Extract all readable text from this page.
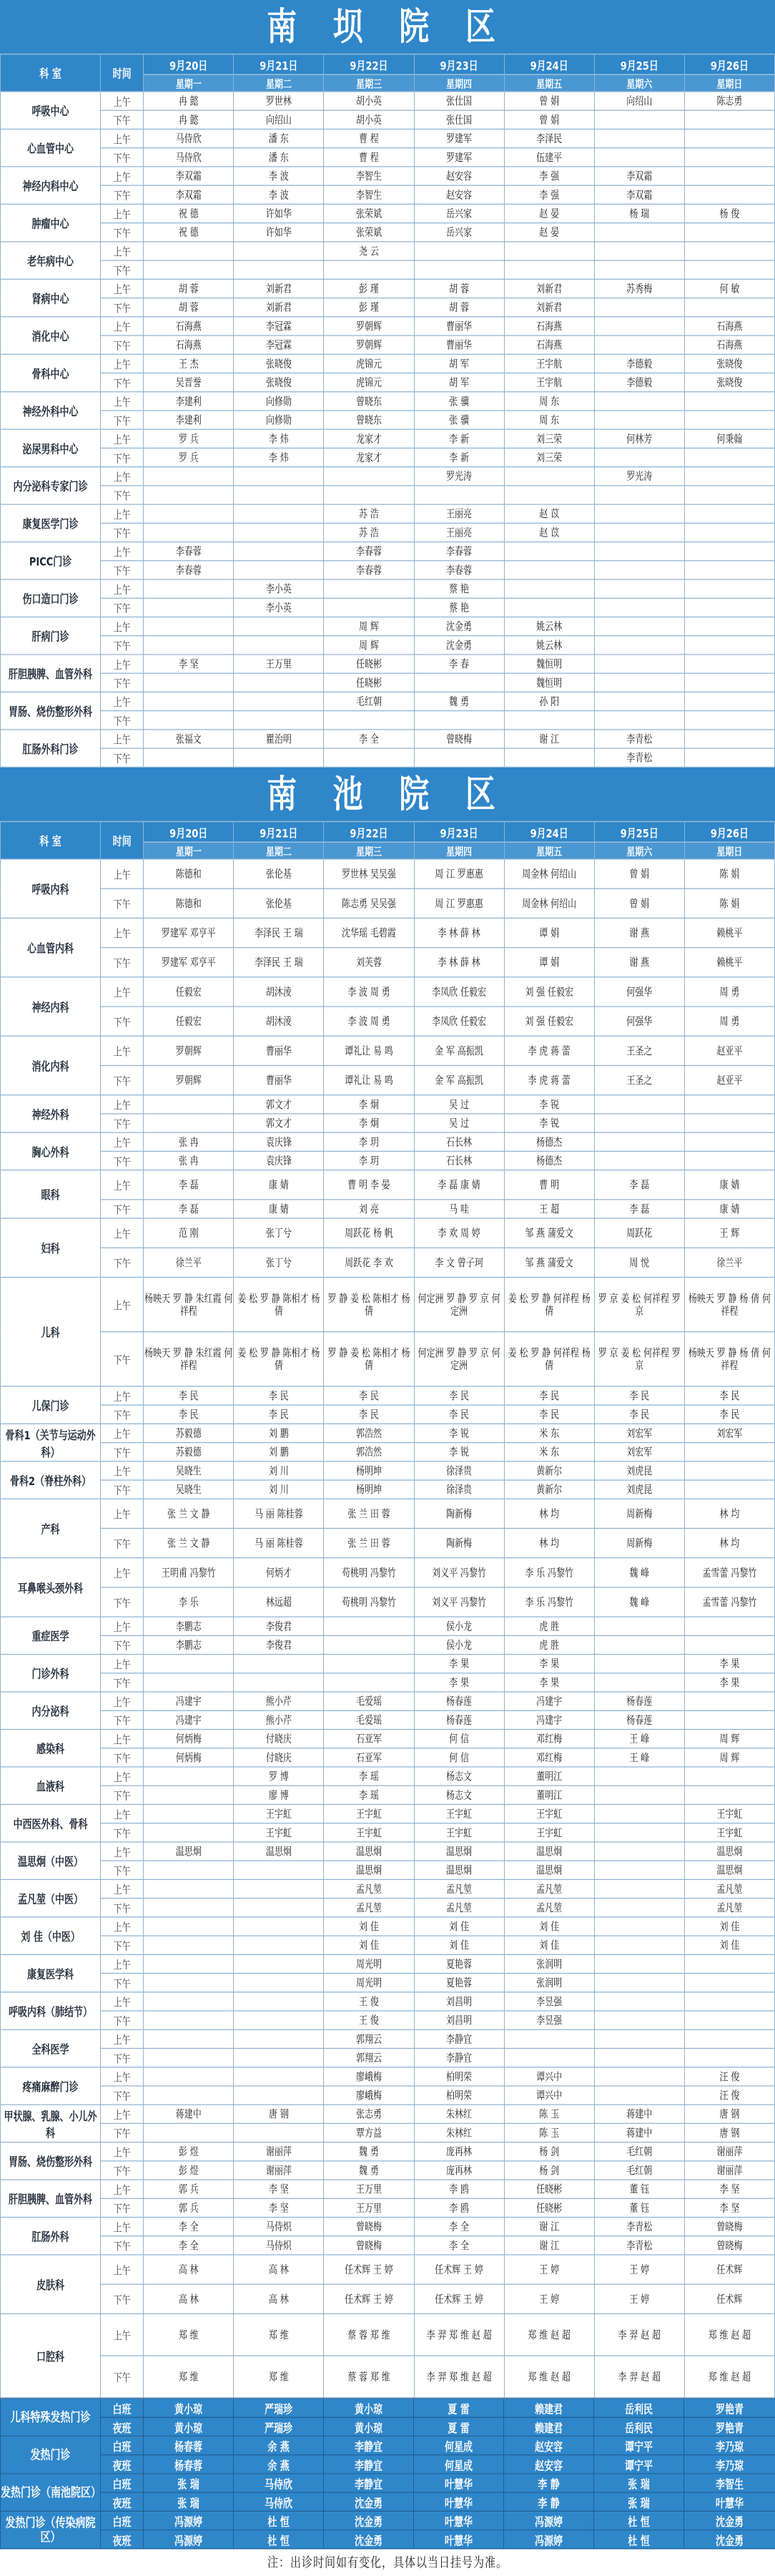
南 坝 院 区
科 室	时间	9月20日	9月21日	9月22日	9月23日	9月24日	9月25日	9月26日
		星期一	星期二	星期三	星期四	星期五	星期六	星期日
呼吸中心	上午	冉 懿	罗世林	胡小英	张仕国	曾 娟	向绍山	陈志勇
	下午	冉 懿	向绍山	胡小英	张仕国	曾 娟		
心血管中心	上午	马侍欣	潘 东	曹 程	罗建军	李泽民		
	下午	马侍欣	潘 东	曹 程	罗建军	伍建平		
神经内科中心	上午	李双霜	李 波	李智生	赵安容	李 强	李双霜	
	下午	李双霜	李 波	李智生	赵安容	李 强	李双霜	
肿瘤中心	上午	祝 德	许如华	张荣斌	岳兴家	赵 晏	杨 瑞	杨 俊
	下午	祝 德	许如华	张荣斌	岳兴家	赵 晏		
老年病中心	上午			尧 云				
	下午							
肾病中心	上午	胡 蓉	刘新君	彭 瑾	胡 蓉	刘新君	苏秀梅	何 敏
	下午	胡 蓉	刘新君	彭 瑾	胡 蓉	刘新君		
消化中心	上午	石海燕	李冠霖	罗朝辉	曹丽华	石海燕		石海燕
	下午	石海燕	李冠霖	罗朝辉	曹丽华	石海燕		石海燕
骨科中心	上午	王 杰	张晓俊	虎锦元	胡 军	王宇航	李德毅	张晓俊
	下午	吴晋誉	张晓俊	虎锦元	胡 军	王宇航	李德毅	张晓俊
神经外科中心	上午	李建利	向修勋	曾晓东	张 骥	周 东		
	下午	李建利	向修勋	曾晓东	张 骥	周 东		
泌尿男科中心	上午	罗 兵	李 炜	龙家才	李 新	刘三荣	何林芳	何秉翰
	下午	罗 兵	李 炜	龙家才	李 新	刘三荣		
内分泌科专家门诊	上午				罗光涛		罗光涛	
	下午							
康复医学门诊	上午			苏 浩	王丽亮	赵 苡		
	下午			苏 浩	王丽亮	赵 苡		
PICC门诊	上午	李春蓉		李春蓉	李春蓉			
	下午	李春蓉		李春蓉	李春蓉			
伤口造口门诊	上午		李小英		蔡 艳			
	下午		李小英		蔡 艳			
肝病门诊	上午			周 辉	沈金勇	姚云林		
	下午			周 辉	沈金勇	姚云林		
肝胆胰脾、血管外科	上午	李 坚	王万里	任晓彬	李 春	魏恒明		
	下午			任晓彬		魏恒明		
胃肠、烧伤整形外科	上午			毛红朝	魏 勇	孙 阳		
	下午							
肛肠外科门诊	上午	张福文	瞿治明	李 全	曾晓梅	谢 江	李青松	
	下午						李青松	
南 池 院 区
科 室	时间	9月20日	9月21日	9月22日	9月23日	9月24日	9月25日	9月26日
		星期一	星期二	星期三	星期四	星期五	星期六	星期日
呼吸内科	上午	陈德和	张伦基	罗世林 吴吴强	周 江 罗惠惠	周金林 何绍山	曾 娟	陈 娟
	下午	陈德和	张伦基	陈志勇 吴吴强	周 江 罗惠惠	周金林 何绍山	曾 娟	陈 娟
心血管内科	上午	罗建军 邓亨平	李泽民 王 瑞	沈华瑶 毛碧霞	李 林 薛 林	谭 娟	谢 燕	赖桃平
	下午	罗建军 邓亨平	李泽民 王 瑞	刘芙蓉	李 林 薛 林	谭 娟	谢 燕	赖桃平
神经内科	上午	任毅宏	胡沐淩	李 波 周 勇	李凤欣 任毅宏	刘 强 任毅宏	何强华	周 勇
	下午	任毅宏	胡沐淩	李 波 周 勇	李凤欣 任毅宏	刘 强 任毅宏	何强华	周 勇
消化内科	上午	罗朝辉	曹丽华	谭礼让 易 鸣	金 军 高振凯	李 虎 蒋 蕾	王圣之	赵亚平
	下午	罗朝辉	曹丽华	谭礼让 易 鸣	金 军 高振凯	李 虎 蒋 蕾	王圣之	赵亚平
神经外科	上午		郭文才	李 炯	吴 过	李 锐		
	下午		郭文才	李 炯	吴 过	李 锐		
胸心外科	上午	张 冉	袁庆锋	李 玥	石长林	杨德杰		
	下午	张 冉	袁庆锋	李 玥	石长林	杨德杰		
眼科	上午	李 磊	康 婧	曹 明 李 晏	李 磊 康 婧	曹 明	李 磊	康 婧
	下午	李 磊	康 婧	刘 亮	马 哇	王 超	李 磊	康 婧
妇科	上午	范 刚	张丁兮	周跃花 杨 帆	李 欢 周 婷	邹 燕 蒲爱文	周跃花	王 辉
	下午	徐兰平	张丁兮	周跃花 李 欢	李 文 曾子珂	邹 燕 蒲爱文	周 悦	徐兰平
儿科	上午	杨映天 罗 静 朱红霞 何祥程	姜 松 罗 静 陈相才 杨 倩	罗 静 姜 松 陈相才 杨 倩	何定洲 罗 静 罗 京 何定洲	姜 松 罗 静 何祥程 杨 倩	罗 京 姜 松 何祥程 罗 京	杨映天 罗 静 杨 倩 何祥程
	下午	杨映天 罗 静 朱红霞 何祥程	姜 松 罗 静 陈相才 杨 倩	罗 静 姜 松 陈相才 杨 倩	何定洲 罗 静 罗 京 何定洲	姜 松 罗 静 何祥程 杨 倩	罗 京 姜 松 何祥程 罗 京	杨映天 罗 静 杨 倩 何祥程
儿保门诊	上午	李 民	李 民	李 民	李 民	李 民	李 民	李 民
	下午	李 民	李 民	李 民	李 民	李 民	李 民	李 民
骨科1（关节与运动外科）	上午	苏毅德	刘 鹏	郭浩然	李 锐	米 东	刘宏军	刘宏军
	下午	苏毅德	刘 鹏	郭浩然	李 锐	米 东	刘宏军	
骨科2（脊柱外科）	上午	吴晓生	刘 川	杨明坤	徐泽贵	黄新尔	刘虎昆	
	下午	吴晓生	刘 川	杨明坤	徐泽贵	黄新尔	刘虎昆	
产科	上午	张 兰 文 静	马 丽 陈桂蓉	张 兰 田 蓉	陶新梅	林 均	周新梅	林 均
	下午	张 兰 文 静	马 丽 陈桂蓉	张 兰 田 蓉	陶新梅	林 均	周新梅	林 均
耳鼻喉头颈外科	上午	王明甫 冯黎竹	何炳才	苟桃明 冯黎竹	刘义平 冯黎竹	李 乐 冯黎竹	魏 峰	孟雪蕾 冯黎竹
	下午	李 乐	林远超	苟桃明 冯黎竹	刘义平 冯黎竹	李 乐 冯黎竹	魏 峰	孟雪蕾 冯黎竹
重症医学	上午	李鹏志	李俊君		侯小龙	虎 胜		
	下午	李鹏志	李俊君		侯小龙	虎 胜		
门诊外科	上午				李 果	李 果		李 果
	下午				李 果	李 果		李 果
内分泌科	上午	冯建宇	熊小芹	毛爱瑶	杨春莲	冯建宇	杨春莲	
	下午	冯建宇	熊小芹	毛爱瑶	杨春莲	冯建宇	杨春莲	
感染科	上午	何炳梅	付晓庆	石亚军	何 信	邓红梅	王 峰	周 辉
	下午	何炳梅	付晓庆	石亚军	何 信	邓红梅	王 峰	周 辉
血液科	上午		罗 博	李 瑶	杨志文	董明江		
	下午		廖 博	李 瑶	杨志文	董明江		
中西医外科、骨科	上午		王宇虹	王宇虹	王宇虹	王宇虹		王宇虹
	下午		王宇虹	王宇虹	王宇虹	王宇虹		王宇虹
温思炯（中医）	上午	温思炯	温思炯	温思炯	温思炯	温思炯		温思炯
	下午			温思炯	温思炯	温思炯		温思炯
孟凡堃（中医）	上午			孟凡堃	孟凡堃	孟凡堃		孟凡堃
	下午			孟凡堃	孟凡堃	孟凡堃		孟凡堃
刘 佳（中医）	上午			刘 佳	刘 佳	刘 佳		刘 佳
	下午			刘 佳	刘 佳	刘 佳		刘 佳
康复医学科	上午			周光明	夏艳蓉	张润明		
	下午			周光明	夏艳蓉	张润明		
呼吸内科（肺结节）	上午			王 俊	刘昌明	李昱强		
	下午			王 俊	刘昌明	李昱强		
全科医学	上午			郭翔云	李静宜			
	下午			郭翔云	李静宜			
疼痛麻醉门诊	上午			廖峨梅	柏明荣	谭兴中		汪 俊
	下午			廖峨梅	柏明荣	谭兴中		汪 俊
甲状腺、乳腺、小儿外科	上午	蒋建中	唐 钢	张志勇	朱林红	陈 玉	蒋建中	唐 钢
	下午			覃方益	朱林红	陈 玉	蒋建中	唐 钢
胃肠、烧伤整形外科	上午	彭 煜	谢丽萍	魏 勇	庞再林	杨 剑	毛红朝	谢丽萍
	下午	彭 煜	谢丽萍	魏 勇	庞再林	杨 剑	毛红朝	谢丽萍
肝胆胰脾、血管外科	上午	郭 兵	李 坚	王万里	李 鸥	任晓彬	董 钰	李 坚
	下午	郭 兵	李 坚	王万里	李 鸥	任晓彬	董 钰	李 坚
肛肠外科	上午	李 全	马侍炽	曾晓梅	李 全	谢 江	李青松	曾晓梅
	下午	李 全	马侍炽	曾晓梅	李 全	谢 江	李青松	曾晓梅
皮肤科	上午	高 林	高 林	任术辉 王 婷	任术辉 王 婷	王 婷	王 婷	任术辉
	下午	高 林	高 林	任术辉 王 婷	任术辉 王 婷	王 婷	王 婷	任术辉
口腔科	上午	郑 维	郑 维	蔡 蓉 郑 维	李 羿 郑 维 赵 超	郑 维 赵 超	李 羿 赵 超	郑 维 赵 超
	下午	郑 维	郑 维	蔡 蓉 郑 维	李 羿 郑 维 赵 超	郑 维 赵 超	李 羿 赵 超	郑 维 赵 超
儿科特殊发热门诊	白班	黄小琼	严瑞珍	黄小琼	夏 雷	赖建君	岳利民	罗艳青
	夜班	黄小琼	严瑞珍	黄小琼	夏 雷	赖建君	岳利民	罗艳青
发热门诊	白班	杨春蓉	余 燕	李静宜	何星成	赵安容	谭宁平	李乃琼
	夜班	杨春蓉	余 燕	李静宜	何星成	赵安容	谭宁平	李乃琼
发热门诊（南池院区）	白班	张 瑞	马侍欣	李静宜	叶慧华	李 静	张 瑞	李智生
	夜班	张 瑞	马侍欣	沈金勇	叶慧华	李 静	张 瑞	叶慧华
发热门诊（传染病院区）	白班	冯源婷	杜 恒	沈金勇	叶慧华	冯源婷	杜 恒	沈金勇
	夜班	冯源婷	杜 恒	沈金勇	叶慧华	冯源婷	杜 恒	沈金勇
注：出诊时间如有变化，具体以当日挂号为准。
